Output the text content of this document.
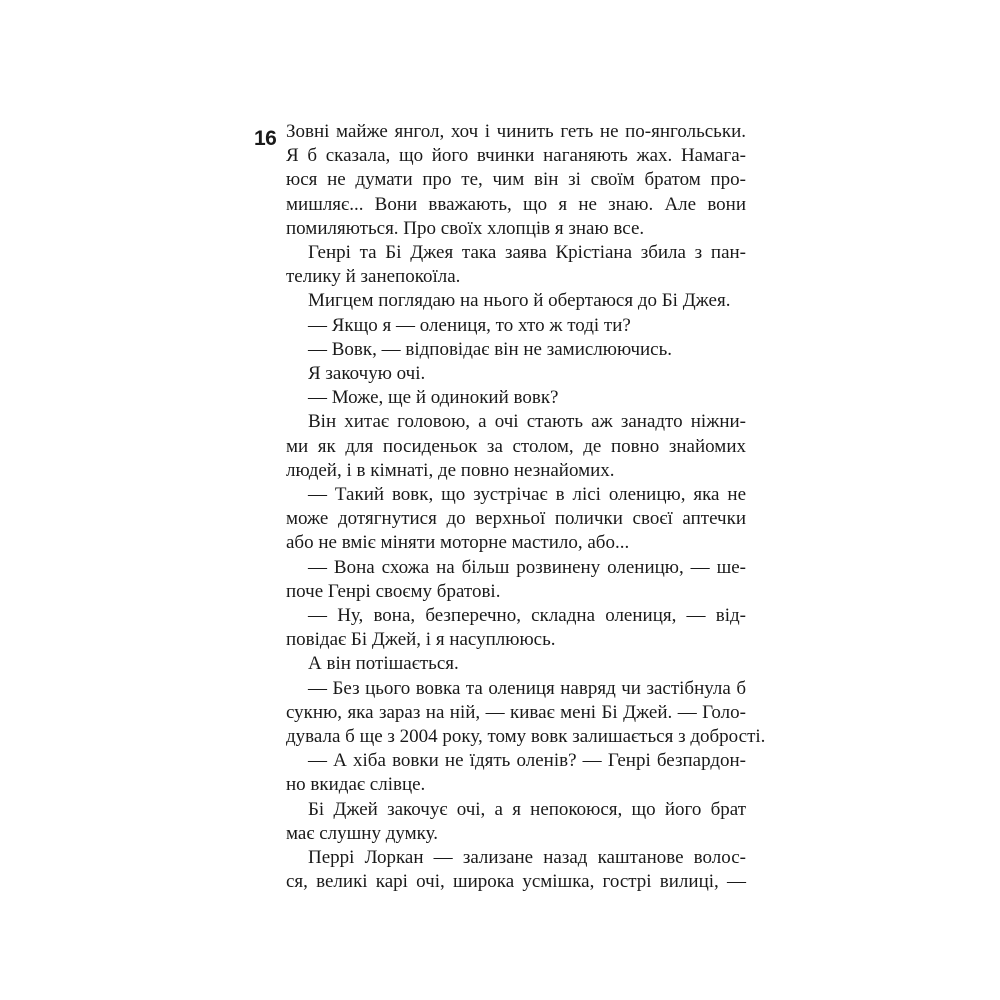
16 Зовні майже янгол, хоч і чинить геть не по-янгольськи.
Я б сказала, що його вчинки наганяють жах. Намага-
юся не думати про те, чим він зі своїм братом про-
мишляє... Вони вважають, що я не знаю. Але вони
помиляються. Про своїх хлопців я знаю все.
Генрі та Бі Джея така заява Крістіана збила з пан-
телику й занепокоїла.
Мигцем поглядаю на нього й обертаюся до Бі Джея.
— Якщо я — олениця, то хто ж тоді ти?
— Вовк, — відповідає він не замислюючись.
Я закочую очі.
— Може, ще й одинокий вовк?
Він хитає головою, а очі стають аж занадто ніжни-
ми як для посиденьок за столом, де повно знайомих
людей, і в кімнаті, де повно незнайомих.
— Такий вовк, що зустрічає в лісі оленицю, яка не
може дотягнутися до верхньої полички своєї аптечки
або не вміє міняти моторне мастило, або...
— Вона схожа на більш розвинену оленицю, — ше-
поче Генрі своєму братові.
— Ну, вона, безперечно, складна олениця, — від-
повідає Бі Джей, і я насуплююсь.
А він потішається.
— Без цього вовка та олениця навряд чи застібнула б
сукню, яка зараз на ній, — киває мені Бі Джей. — Голо-
дувала б ще з 2004 року, тому вовк залишається з добрості.
— А хіба вовки не їдять оленів? — Генрі безпардон-
но вкидає слівце.
Бі Джей закочує очі, а я непокоюся, що його брат
має слушну думку.
Перрі Лоркан — зализане назад каштанове волос-
ся, великі карі очі, широка усмішка, гострі вилиці, —
